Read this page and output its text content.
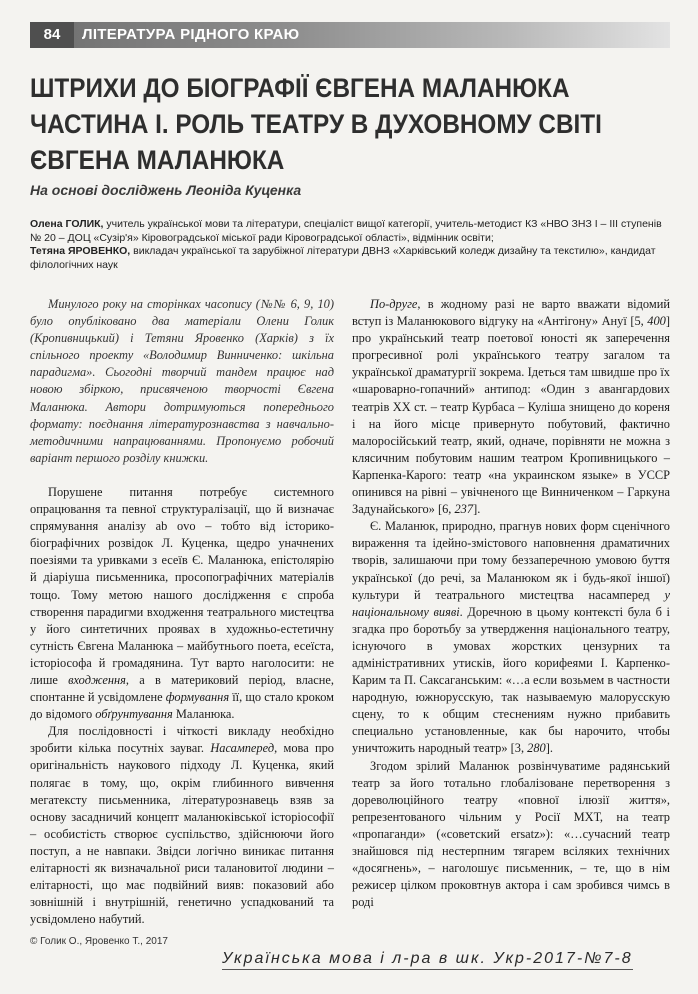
84	ЛІТЕРАТУРА РІДНОГО КРАЮ
ШТРИХИ ДО БІОГРАФІЇ ЄВГЕНА МАЛАНЮКА
ЧАСТИНА І. РОЛЬ ТЕАТРУ В ДУХОВНОМУ СВІТІ
ЄВГЕНА МАЛАНЮКА
На основі досліджень Леоніда Куценка

Олена ГОЛИК, учитель української мови та літератури, спеціаліст вищої категорії, учитель-методист КЗ «НВО ЗНЗ І – ІІІ ступенів № 20 – ДОЦ «Сузір'я» Кіровоградської міської ради Кіровоградської області», відмінник освіти;

Тетяна ЯРОВЕНКО, викладач української та зарубіжної літератури ДВНЗ «Харківський коледж дизайну та текстилю», кандидат філологічних наук

Минулого року на сторінках часопису (№№ 6, 9, 10) було опубліковано два матеріали Олени Голик (Кропивницький) і Тетяни Яровенко (Харків) з їх спільного проекту «Володимир Винниченко: шкільна парадигма». Сьогодні творчий тандем працює над новою збіркою, присвяченою творчості Євгена Маланюка. Автори дотримуються попереднього формату: поєднання літературознавства з навчально-методичними напрацюваннями. Пропонуємо робочий варіант першого розділу книжки.

Порушене питання потребує системного опрацювання та певної структуралізації, що й визначає спрямування аналізу ab ovo – тобто від історико-біографічних розвідок Л. Куценка, щедро уначнених поезіями та уривками з есеїв Є. Маланюка, епістолярію й діаріуша письменника, просопографічних матеріалів тощо. Тому метою нашого дослідження є спроба створення парадигми входження театрального мистецтва у його синтетичних проявах в художньо-естетичну сутність Євгена Маланюка – майбутнього поета, есеїста, історіософа й громадянина. Тут варто наголосити: не лише входження, а в материковий період, власне, спонтанне й усвідомлене формування її, що стало кроком до відомого обґрунтування Маланюка.

Для послідовності і чіткості викладу необхідно зробити кілька посутніх зауваг. Насамперед, мова про оригінальність наукового підходу Л. Куценка, який полягає в тому, що, окрім глибинного вивчення мегатексту письменника, літературознавець взяв за основу засадничий концепт маланюківської історіософії – особистість створює суспільство, здійснюючи його поступ, а не навпаки. Звідси логічно виникає питання елітарності як визначальної риси талановитої людини – елітарності, що має подвійний вияв: показовий або зовнішній і внутрішній, генетично успадкований та усвідомлено набутий.

По-друге, в жодному разі не варто вважати відомий вступ із Маланюкового відгуку на «Антігону» Ануї [5, 400] про український театр поетової юності як заперечення прогресивної ролі українського театру загалом та української драматургії зокрема. Ідеться там швидше про їх «шароварно-гопачний» антипод: «Один з авангардових театрів XX ст. – театр Курбаса – Куліша знищено до кореня і на його місце привернуто побутовий, фактично малоросійський театр, який, одначе, порівняти не можна з клясичним побутовим нашим театром Кропивницького – Карпенка-Карого: театр «на украинском языке» в УССР опинився на рівні – увічненого ще Винниченком – Гаркуна Задунайського» [6, 237].

Є. Маланюк, природно, прагнув нових форм сценічного вираження та ідейно-змістового наповнення драматичних творів, залишаючи при тому беззаперечною умовою буття української (до речі, за Маланюком як і будь-якої іншої) культури й театрального мистецтва насамперед у національному вияві. Доречною в цьому контексті була б і згадка про боротьбу за утвердження національного театру, існуючого в умовах жорстких цензурних та адміністративних утисків, його корифеями І. Карпенко-Карим та П. Саксаганським: «…а если возьмем в частности народную, южнорусскую, так называемую малорусскую сцену, то к общим стеснениям нужно прибавить специально установленные, как бы нарочито, чтобы уничтожить народный театр» [3, 280].

Згодом зрілий Маланюк розвінчуватиме радянський театр за його тотально глобалізоване перетворення з дореволюційного театру «повної ілюзії життя», репрезентованого чільним у Росії МХТ, на театр «пропаганди» («советский ersatz»): «…сучасний театр знайшовся під нестерпним тягарем всіляких технічних «досягнень», – наголошує письменник, – те, що в нім режисер цілком проковтнув актора і сам зробився чимсь в роді

© Голик О., Яровенко Т., 2017
Українська мова і л-ра в шк. Укр-2017-№7-8
